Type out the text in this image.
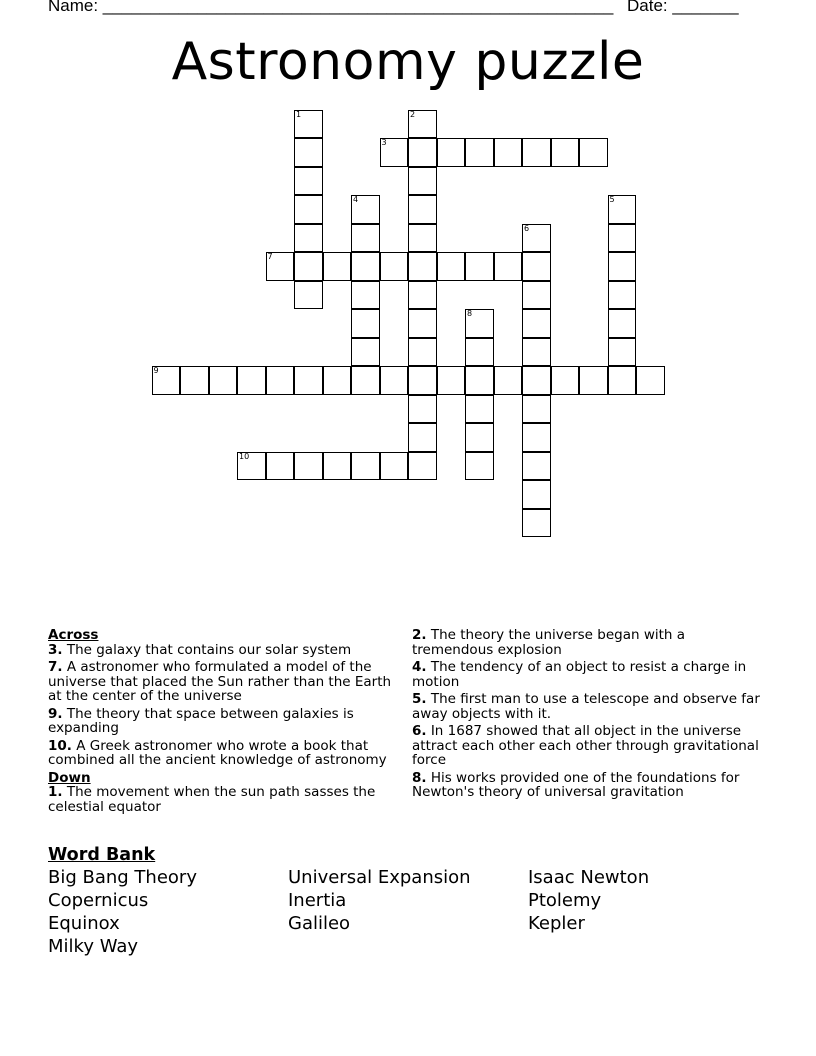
Name: ______________________________________________________ Date: _______
Astronomy puzzle
1	2
3
4	5
6
7
8
9
10
Across
3. The galaxy that contains our solar system
7. A astronomer who formulated a model of the universe that placed the Sun rather than the Earth at the center of the universe
9. The theory that space between galaxies is expanding
10. A Greek astronomer who wrote a book that combined all the ancient knowledge of astronomy
Down
1. The movement when the sun path sasses the celestial equator
2. The theory the universe began with a tremendous explosion
4. The tendency of an object to resist a charge in motion
5. The first man to use a telescope and observe far away objects with it.
6. In 1687 showed that all object in the universe attract each other each other through gravitational force
8. His works provided one of the foundations for Newton's theory of universal gravitation
Word Bank
Big Bang Theory	Universal Expansion	Isaac Newton
Copernicus	Inertia	Ptolemy
Equinox	Galileo	Kepler
Milky Way
